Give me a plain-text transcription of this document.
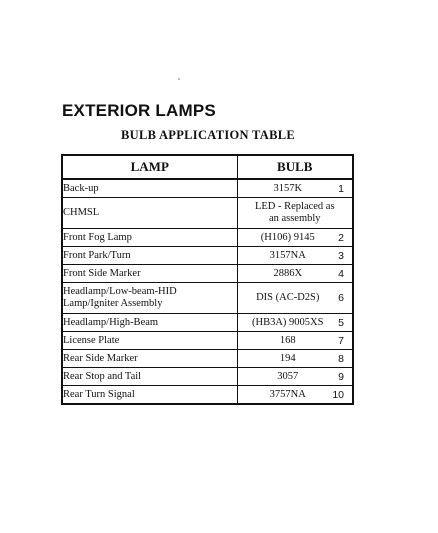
EXTERIOR LAMPS
BULB APPLICATION TABLE
LAMP	BULB
Back-up	3157K 1

CHMSL	LED - Replaced as
an assembly
Front Fog Lamp	(H106) 9145 2

Front Park/Turn	3157NA 3

Front Side Marker	2886X 4

Headlamp/Low-beam-HID
Lamp/Igniter Assembly	DIS (AC-D2S) 6

Headlamp/High-Beam	(HB3A) 9005XS 5

License Plate	168 7

Rear Side Marker	194 8

Rear Stop and Tail	3057 9

Rear Turn Signal	3757NA 10
